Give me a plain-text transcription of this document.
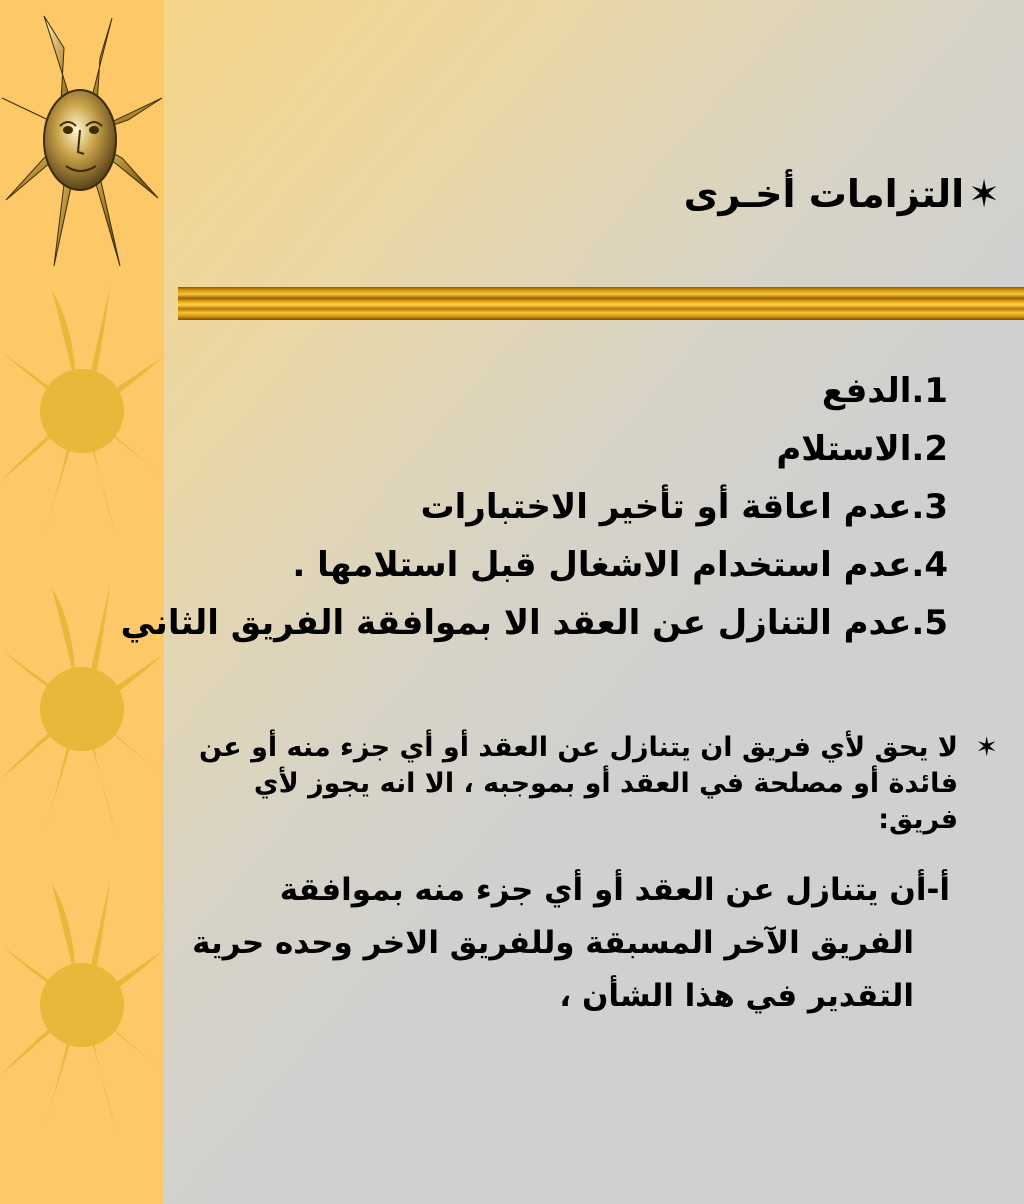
✶التزامات أخـرى
1.الدفع
2.الاستلام
3.عدم اعاقة أو تأخير الاختبارات
4.عدم استخدام الاشغال قبل استلامها .
5.عدم التنازل عن العقد الا بموافقة الفريق الثاني
✶
لا يحق لأي فريق ان يتنازل عن العقد أو أي جزء منه أو عن فائدة أو مصلحة في العقد أو بموجبه ، الا انه يجوز لأي فريق:
أ-أن يتنازل عن العقد أو أي جزء منه بموافقة
الفريق الآخر المسبقة وللفريق الاخر وحده حرية التقدير في هذا الشأن ،
